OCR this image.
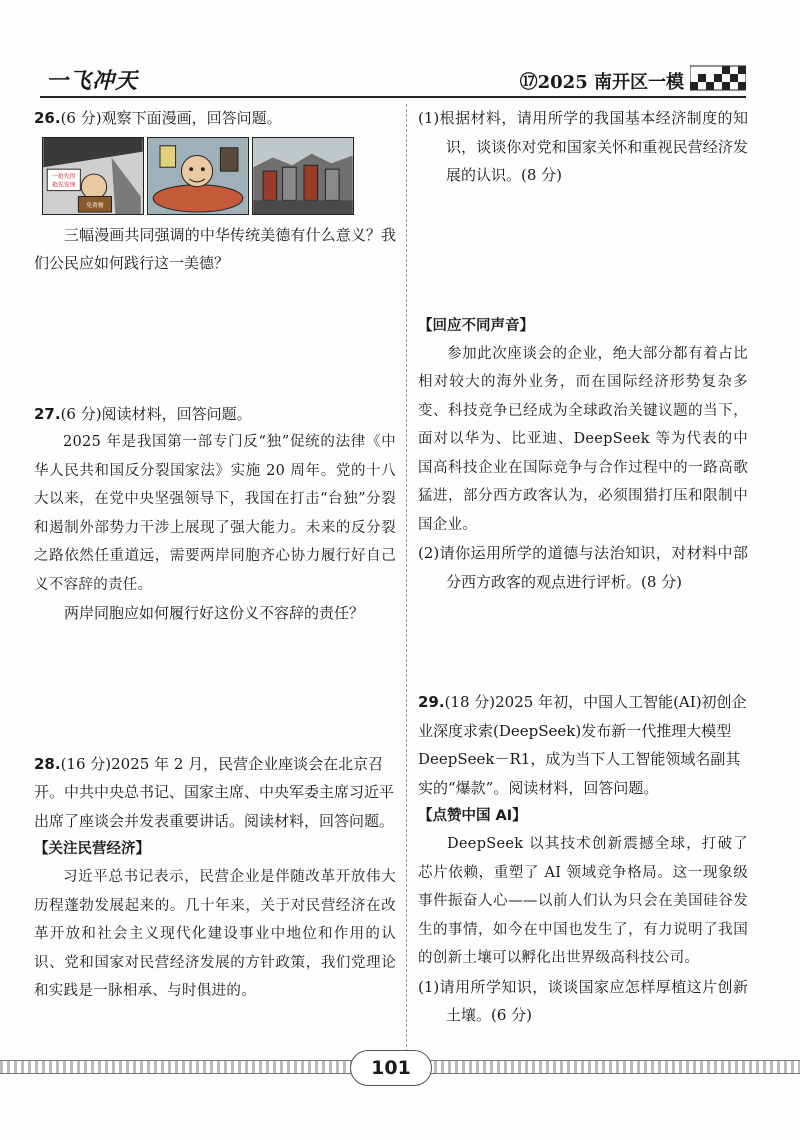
一飞冲天	⑰2025 南开区一模
26.(6 分)观察下面漫画，回答问题。
一抢先得
抢先发现
免费餐

三幅漫画共同强调的中华传统美德有什么意义？我们公民应如何践行这一美德？

27.(6 分)阅读材料，回答问题。

2025 年是我国第一部专门反“独”促统的法律《中华人民共和国反分裂国家法》实施 20 周年。党的十八大以来，在党中央坚强领导下，我国在打击“台独”分裂和遏制外部势力干涉上展现了强大能力。未来的反分裂之路依然任重道远，需要两岸同胞齐心协力履行好自己义不容辞的责任。

两岸同胞应如何履行好这份义不容辞的责任？

28.(16 分)2025 年 2 月，民营企业座谈会在北京召开。中共中央总书记、国家主席、中央军委主席习近平出席了座谈会并发表重要讲话。阅读材料，回答问题。

【关注民营经济】

习近平总书记表示，民营企业是伴随改革开放伟大历程蓬勃发展起来的。几十年来，关于对民营经济在改革开放和社会主义现代化建设事业中地位和作用的认识、党和国家对民营经济发展的方针政策，我们党理论和实践是一脉相承、与时俱进的。

(1)根据材料，请用所学的我国基本经济制度的知识，谈谈你对党和国家关怀和重视民营经济发展的认识。(8 分)

【回应不同声音】

参加此次座谈会的企业，绝大部分都有着占比相对较大的海外业务，而在国际经济形势复杂多变、科技竞争已经成为全球政治关键议题的当下，面对以华为、比亚迪、DeepSeek 等为代表的中国高科技企业在国际竞争与合作过程中的一路高歌猛进，部分西方政客认为，必须围猎打压和限制中国企业。

(2)请你运用所学的道德与法治知识，对材料中部分西方政客的观点进行评析。(8 分)

29.(18 分)2025 年初，中国人工智能(AI)初创企业深度求索(DeepSeek)发布新一代推理大模型 DeepSeek－R1，成为当下人工智能领域名副其实的“爆款”。阅读材料，回答问题。

【点赞中国 AI】

DeepSeek 以其技术创新震撼全球，打破了芯片依赖，重塑了 AI 领域竞争格局。这一现象级事件振奋人心——以前人们认为只会在美国硅谷发生的事情，如今在中国也发生了，有力说明了我国的创新土壤可以孵化出世界级高科技公司。

(1)请用所学知识，谈谈国家应怎样厚植这片创新土壤。(6 分)

101
